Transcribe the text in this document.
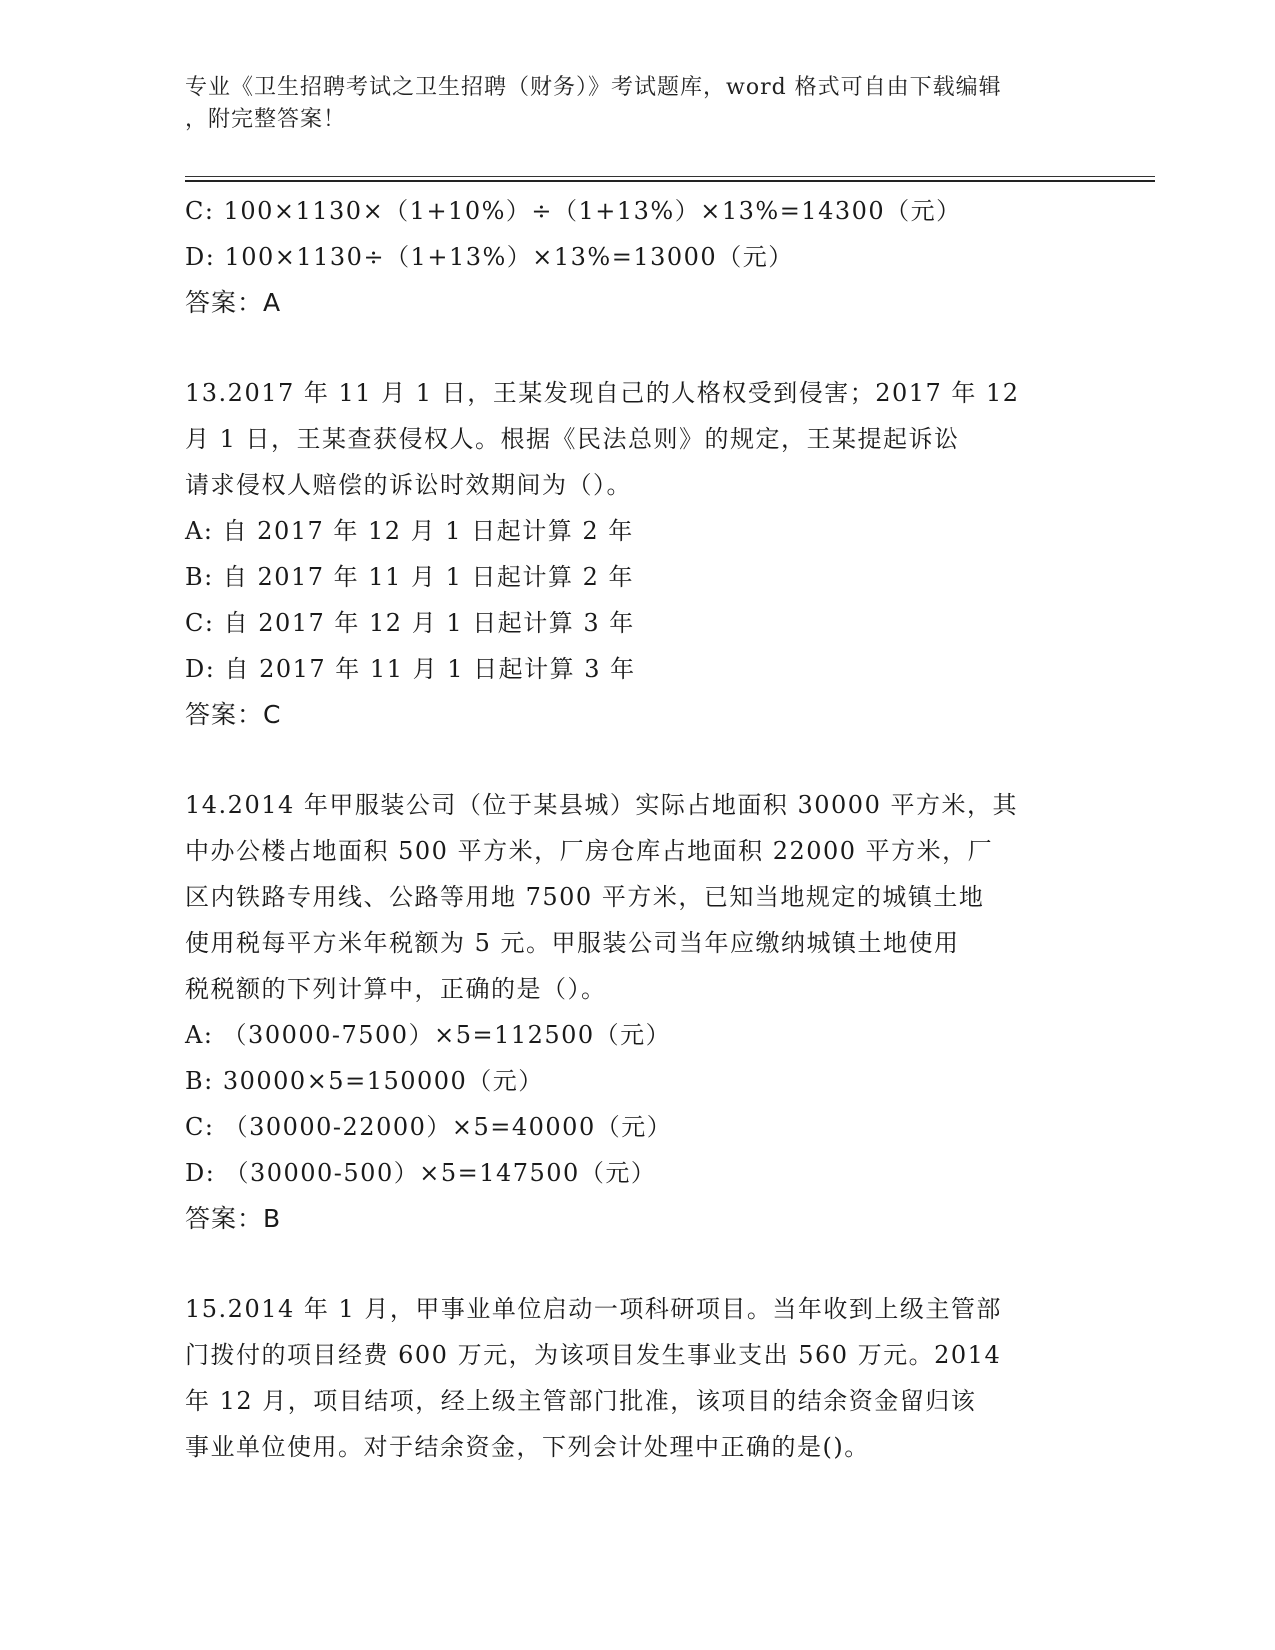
专业《卫生招聘考试之卫生招聘（财务）》考试题库，word 格式可自由下载编辑
，附完整答案！
C: 100×1130×（1+10%）÷（1+13%）×13%=14300（元）
D: 100×1130÷（1+13%）×13%=13000（元）
答案：A
13.2017 年 11 月 1 日，王某发现自己的人格权受到侵害；2017 年 12
月 1 日，王某查获侵权人。根据《民法总则》的规定，王某提起诉讼
请求侵权人赔偿的诉讼时效期间为（）。
A: 自 2017 年 12 月 1 日起计算 2 年
B: 自 2017 年 11 月 1 日起计算 2 年
C: 自 2017 年 12 月 1 日起计算 3 年
D: 自 2017 年 11 月 1 日起计算 3 年
答案：C
14.2014 年甲服装公司（位于某县城）实际占地面积 30000 平方米，其
中办公楼占地面积 500 平方米，厂房仓库占地面积 22000 平方米，厂
区内铁路专用线、公路等用地 7500 平方米，已知当地规定的城镇土地
使用税每平方米年税额为 5 元。甲服装公司当年应缴纳城镇土地使用
税税额的下列计算中，正确的是（）。
A: （30000-7500）×5=112500（元）
B: 30000×5=150000（元）
C: （30000-22000）×5=40000（元）
D: （30000-500）×5=147500（元）
答案：B
15.2014 年 1 月，甲事业单位启动一项科研项目。当年收到上级主管部
门拨付的项目经费 600 万元，为该项目发生事业支出 560 万元。2014
年 12 月，项目结项，经上级主管部门批准，该项目的结余资金留归该
事业单位使用。对于结余资金，下列会计处理中正确的是()。
